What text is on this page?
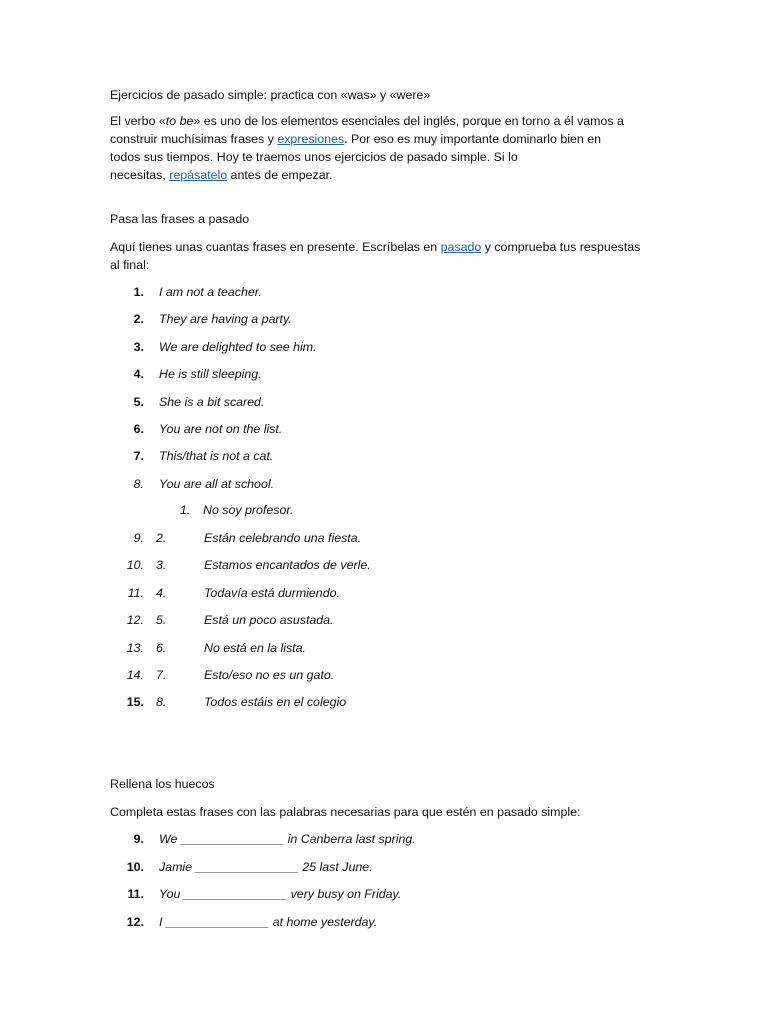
Ejercicios de pasado simple: practica con «was» y «were»
El verbo «to be» es uno de los elementos esenciales del inglés, porque en torno a él vamos a
construir muchísimas frases y expresiones. Por eso es muy importante dominarlo bien en
todos sus tiempos. Hoy te traemos unos ejercicios de pasado simple. Si lo
necesitas, repásatelo antes de empezar.
Pasa las frases a pasado
Aquí tienes unas cuantas frases en presente. Escríbelas en pasado y comprueba tus respuestas
al final:
1. I am not a teacher.
2. They are having a party.
3. We are delighted to see him.
4. He is still sleeping.
5. She is a bit scared.
6. You are not on the list.
7. This/that is not a cat.
8. You are all at school.
1. No soy profesor.
9. 2.	Están celebrando una fiesta.
10. 3.	Estamos encantados de verle.
11. 4.	Todavía está durmiendo.
12. 5.	Está un poco asustada.
13. 6.	No está en la lista.
14. 7.	Esto/eso no es un gato.
15. 8.	Todos estáis en el colegio
Rellena los huecos
Completa estas frases con las palabras necesarias para que estén en pasado simple:
9. We _______________ in Canberra last spring.
10. Jamie _______________ 25 last June.
11. You _______________ very busy on Friday.
12. I _______________ at home yesterday.
